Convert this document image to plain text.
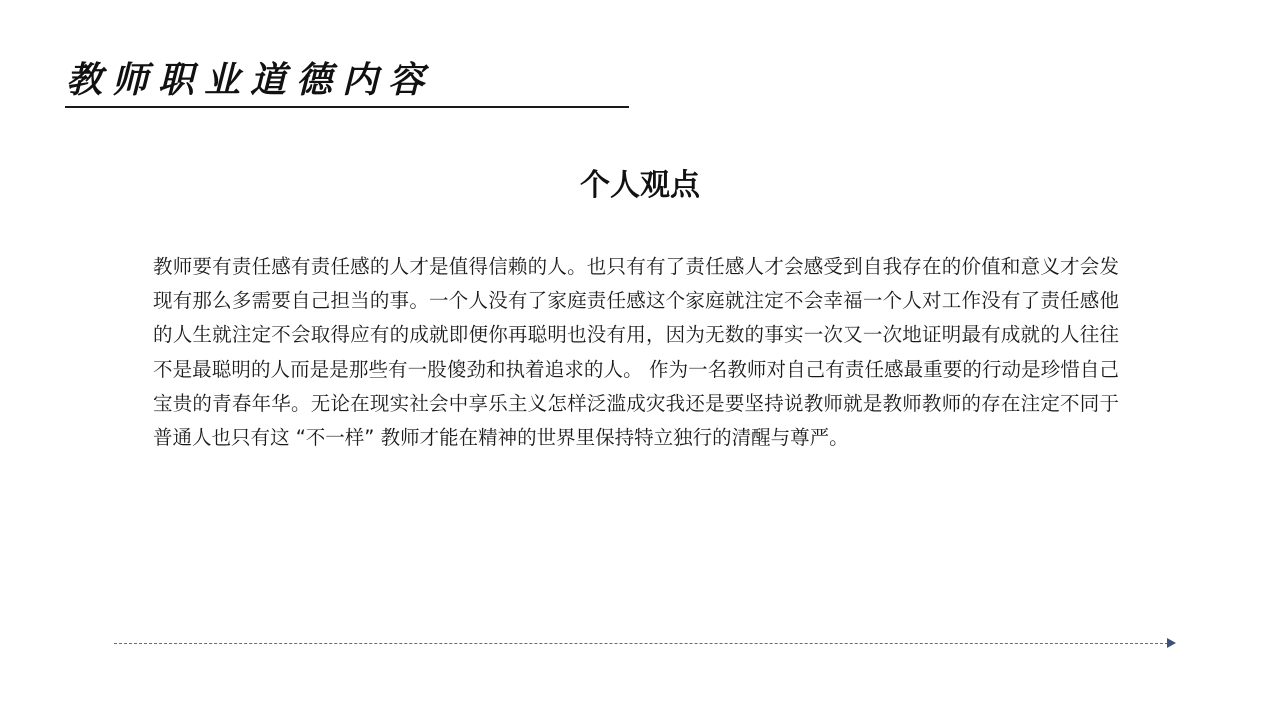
教师职业道德内容
个人观点
教师要有责任感有责任感的人才是值得信赖的人。也只有有了责任感人才会感受到自我存在的价值和意义才会发现有那么多需要自己担当的事。一个人没有了家庭责任感这个家庭就注定不会幸福一个人对工作没有了责任感他的人生就注定不会取得应有的成就即便你再聪明也没有用，因为无数的事实一次又一次地证明最有成就的人往往不是最聪明的人而是是那些有一股傻劲和执着追求的人。 作为一名教师对自己有责任感最重要的行动是珍惜自己宝贵的青春年华。无论在现实社会中享乐主义怎样泛滥成灾我还是要坚持说教师就是教师教师的存在注定不同于普通人也只有这 “不一样” 教师才能在精神的世界里保持特立独行的清醒与尊严。
